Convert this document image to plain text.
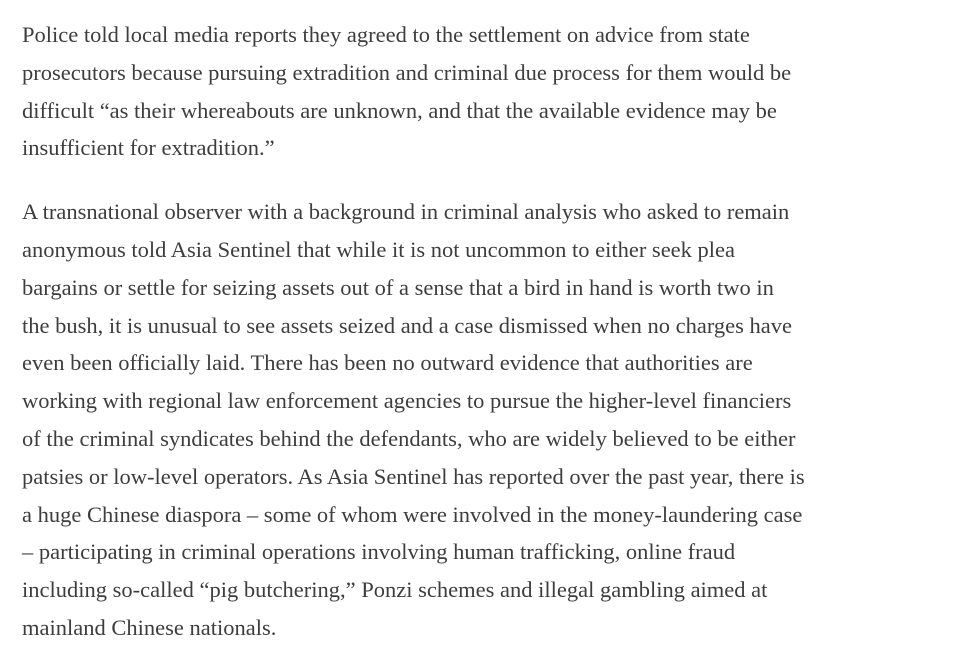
Police told local media reports they agreed to the settlement on advice from state
prosecutors because pursuing extradition and criminal due process for them would be
difficult “as their whereabouts are unknown, and that the available evidence may be
insufficient for extradition.”

A transnational observer with a background in criminal analysis who asked to remain
anonymous told Asia Sentinel that while it is not uncommon to either seek plea
bargains or settle for seizing assets out of a sense that a bird in hand is worth two in
the bush, it is unusual to see assets seized and a case dismissed when no charges have
even been officially laid. There has been no outward evidence that authorities are
working with regional law enforcement agencies to pursue the higher-level financiers
of the criminal syndicates behind the defendants, who are widely believed to be either
patsies or low-level operators. As Asia Sentinel has reported over the past year, there is
a huge Chinese diaspora – some of whom were involved in the money-laundering case
– participating in criminal operations involving human trafficking, online fraud
including so-called “pig butchering,” Ponzi schemes and illegal gambling aimed at
mainland Chinese nationals.
